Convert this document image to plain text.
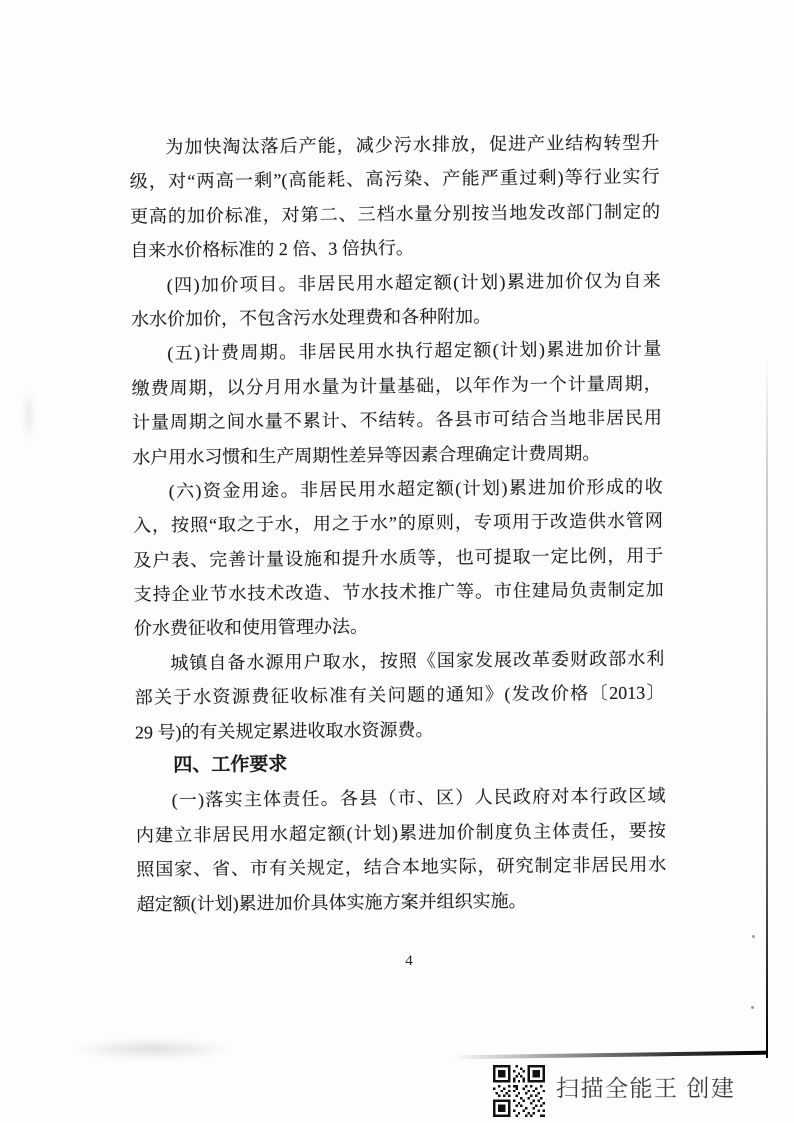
为加快淘汰落后产能，减少污水排放，促进产业结构转型升
级，对“两高一剩”(高能耗、高污染、产能严重过剩)等行业实行
更高的加价标准，对第二、三档水量分别按当地发改部门制定的
自来水价格标准的 2 倍、3 倍执行。
(四)加价项目。非居民用水超定额(计划)累进加价仅为自来
水水价加价，不包含污水处理费和各种附加。
(五)计费周期。非居民用水执行超定额(计划)累进加价计量
缴费周期，以分月用水量为计量基础，以年作为一个计量周期，
计量周期之间水量不累计、不结转。各县市可结合当地非居民用
水户用水习惯和生产周期性差异等因素合理确定计费周期。
(六)资金用途。非居民用水超定额(计划)累进加价形成的收
入，按照“取之于水，用之于水”的原则，专项用于改造供水管网
及户表、完善计量设施和提升水质等，也可提取一定比例，用于
支持企业节水技术改造、节水技术推广等。市住建局负责制定加
价水费征收和使用管理办法。
城镇自备水源用户取水，按照《国家发展改革委财政部水利
部关于水资源费征收标准有关问题的通知》(发改价格〔2013〕
29 号)的有关规定累进收取水资源费。
四、工作要求
(一)落实主体责任。各县（市、区）人民政府对本行政区域
内建立非居民用水超定额(计划)累进加价制度负主体责任，要按
照国家、省、市有关规定，结合本地实际，研究制定非居民用水
超定额(计划)累进加价具体实施方案并组织实施。
4
扫描全能王 创建
